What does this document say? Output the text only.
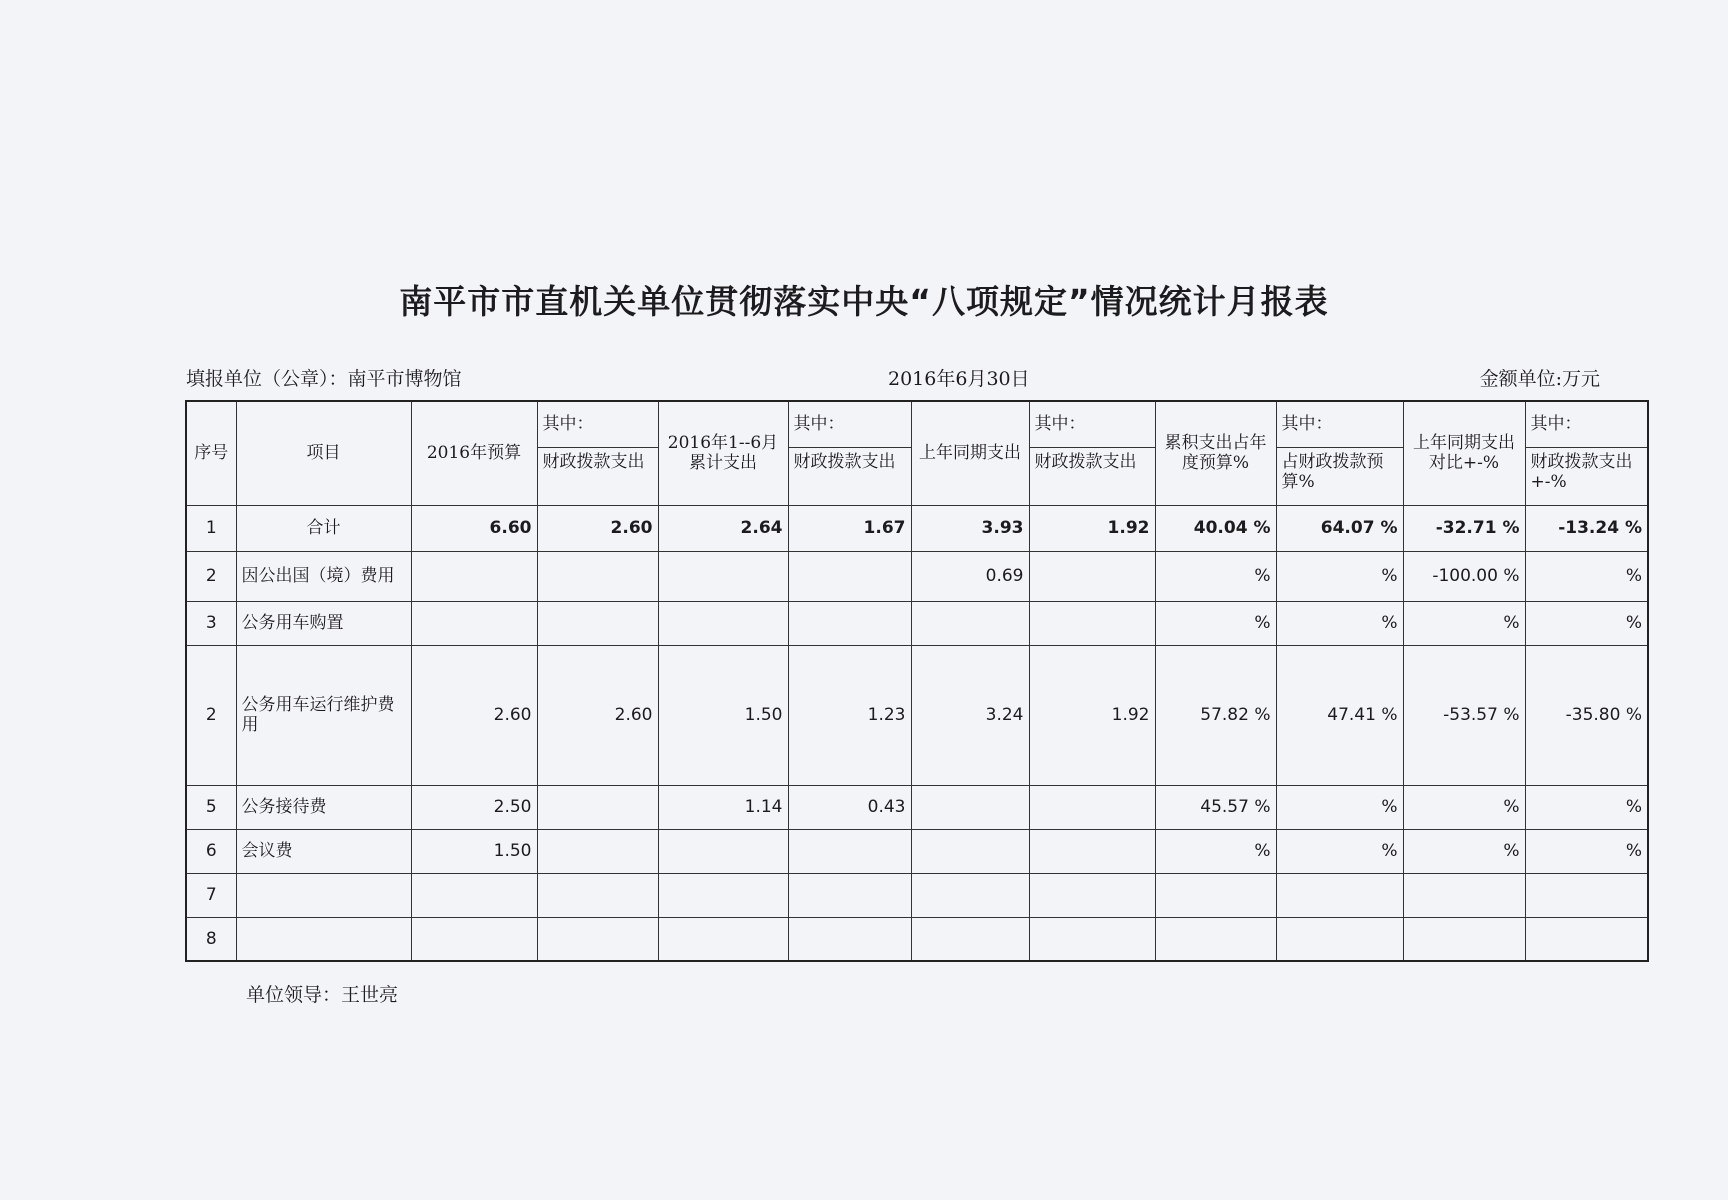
南平市市直机关单位贯彻落实中央“八项规定”情况统计月报表
填报单位（公章）：南平市博物馆	2016年6月30日	金额单位:万元
序号	项目	2016年预算	其中：	2016年1--6月累计支出	其中：	上年同期支出	其中：	累积支出占年度预算%	其中：	上年同期支出对比+-%	其中：
			财政拨款支出		财政拨款支出		财政拨款支出		占财政拨款预算%		财政拨款支出+-%
1	合计	6.60	2.60	2.64	1.67	3.93	1.92	40.04 %	64.07 %	-32.71 %	-13.24 %
2	因公出国（境）费用					0.69		%	%	-100.00 %	%
3	公务用车购置							%	%	%	%
2	公务用车运行维护费用	2.60	2.60	1.50	1.23	3.24	1.92	57.82 %	47.41 %	-53.57 %	-35.80 %
5	公务接待费	2.50		1.14	0.43			45.57 %	%	%	%
6	会议费	1.50						%	%	%	%
7											
8											
单位领导：王世亮
